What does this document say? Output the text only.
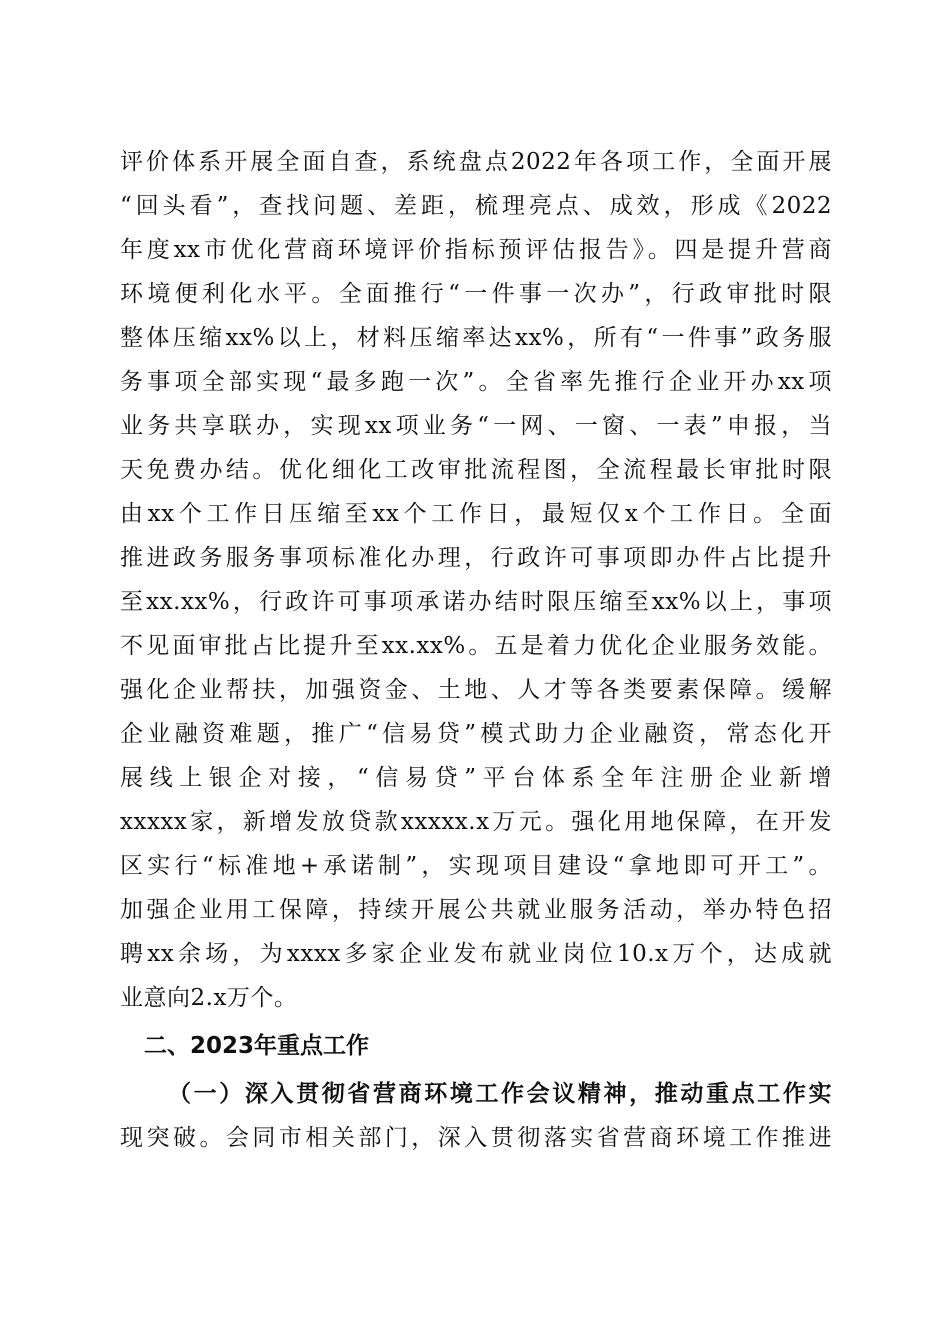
评价体系开展全面自查，系统盘点2022年各项工作，全面开展
“回头看”，查找问题、差距，梳理亮点、成效，形成《2022
年度xx市优化营商环境评价指标预评估报告》。四是提升营商
环境便利化水平。全面推行“一件事一次办”，行政审批时限
整体压缩xx%以上，材料压缩率达xx%，所有“一件事”政务服
务事项全部实现“最多跑一次”。全省率先推行企业开办xx项
业务共享联办，实现xx项业务“一网、一窗、一表”申报，当
天免费办结。优化细化工改审批流程图，全流程最长审批时限
由xx个工作日压缩至xx个工作日，最短仅x个工作日。全面
推进政务服务事项标准化办理，行政许可事项即办件占比提升
至xx.xx%，行政许可事项承诺办结时限压缩至xx%以上，事项
不见面审批占比提升至xx.xx%。五是着力优化企业服务效能。
强化企业帮扶，加强资金、土地、人才等各类要素保障。缓解
企业融资难题，推广“信易贷”模式助力企业融资，常态化开
展线上银企对接，“信易贷”平台体系全年注册企业新增
xxxxx家，新增发放贷款xxxxx.x万元。强化用地保障，在开发
区实行“标准地+承诺制”，实现项目建设“拿地即可开工”。
加强企业用工保障，持续开展公共就业服务活动，举办特色招
聘xx余场，为xxxx多家企业发布就业岗位10.x万个，达成就
业意向2.x万个。
二、2023年重点工作
（一）深入贯彻省营商环境工作会议精神，推动重点工作实
现突破。会同市相关部门，深入贯彻落实省营商环境工作推进
